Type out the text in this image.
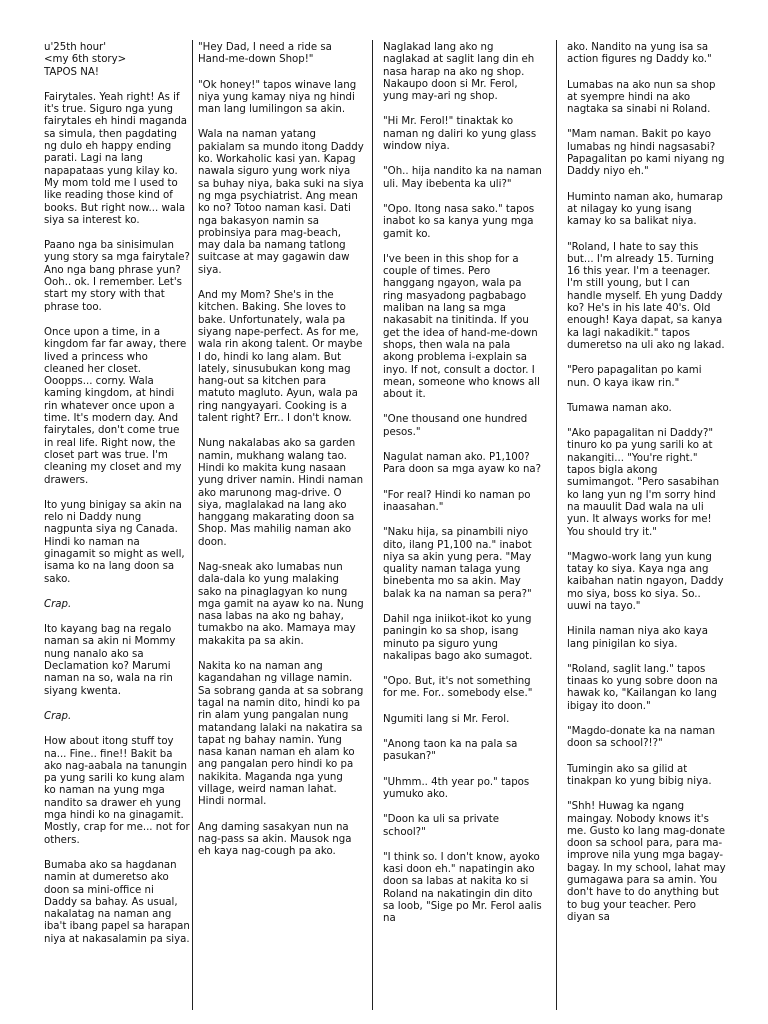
u'25th hour'
<my 6th story>
TAPOS NA!

Fairytales. Yeah right! As if it's true. Siguro nga yung fairytales eh hindi maganda sa simula, then pagdating ng dulo eh happy ending parati. Lagi na lang napapataas yung kilay ko. My mom told me I used to like reading those kind of books. But right now... wala siya sa interest ko.

Paano nga ba sinisimulan yung story sa mga fairytale? Ano nga bang phrase yun? Ooh.. ok. I remember. Let's start my story with that phrase too.

Once upon a time, in a kingdom far far away, there lived a princess who cleaned her closet. Ooopps... corny. Wala kaming kingdom, at hindi rin whatever once upon a time. It's modern day. And fairytales, don't come true in real life. Right now, the closet part was true. I'm cleaning my closet and my drawers.

Ito yung binigay sa akin na relo ni Daddy nung nagpunta siya ng Canada. Hindi ko naman na ginagamit so might as well, isama ko na lang doon sa sako.

Crap.

Ito kayang bag na regalo naman sa akin ni Mommy nung nanalo ako sa Declamation ko? Marumi naman na so, wala na rin siyang kwenta.

Crap.

How about itong stuff toy na... Fine.. fine!! Bakit ba ako nag-aabala na tanungin pa yung sarili ko kung alam ko naman na yung mga nandito sa drawer eh yung mga hindi ko na ginagamit. Mostly, crap for me... not for others.

Bumaba ako sa hagdanan namin at dumeretso ako doon sa mini-office ni Daddy sa bahay. As usual, nakalatag na naman ang iba't ibang papel sa harapan niya at nakasalamin pa siya.

"Hey Dad, I need a ride sa Hand-me-down Shop!"

"Ok honey!" tapos winave lang niya yung kamay niya ng hindi man lang lumilingon sa akin.

Wala na naman yatang pakialam sa mundo itong Daddy ko. Workaholic kasi yan. Kapag nawala siguro yung work niya sa buhay niya, baka suki na siya ng mga psychiatrist. Ang mean ko no? Totoo naman kasi. Dati nga bakasyon namin sa probinsiya para mag-beach, may dala ba namang tatlong suitcase at may gagawin daw siya.

And my Mom? She's in the kitchen. Baking. She loves to bake. Unfortunately, wala pa siyang nape-perfect. As for me, wala rin akong talent. Or maybe I do, hindi ko lang alam. But lately, sinusubukan kong mag hang-out sa kitchen para matuto magluto. Ayun, wala pa ring nangyayari. Cooking is a talent right? Err.. I don't know.

Nung nakalabas ako sa garden namin, mukhang walang tao. Hindi ko makita kung nasaan yung driver namin. Hindi naman ako marunong mag-drive. O siya, maglalakad na lang ako hanggang makarating doon sa Shop. Mas mahilig naman ako doon.

Nag-sneak ako lumabas nun dala-dala ko yung malaking sako na pinaglagyan ko nung mga gamit na ayaw ko na. Nung nasa labas na ako ng bahay, tumakbo na ako. Mamaya may makakita pa sa akin.

Nakita ko na naman ang kagandahan ng village namin. Sa sobrang ganda at sa sobrang tagal na namin dito, hindi ko pa rin alam yung pangalan nung matandang lalaki na nakatira sa tapat ng bahay namin. Yung nasa kanan naman eh alam ko ang pangalan pero hindi ko pa nakikita. Maganda nga yung village, weird naman lahat. Hindi normal.

Ang daming sasakyan nun na nag-pass sa akin. Mausok nga eh kaya nag-cough pa ako.

Naglakad lang ako ng naglakad at saglit lang din eh nasa harap na ako ng shop. Nakaupo doon si Mr. Ferol, yung may-ari ng shop.

"Hi Mr. Ferol!" tinaktak ko naman ng daliri ko yung glass window niya.

"Oh.. hija nandito ka na naman uli. May ibebenta ka uli?"

"Opo. Itong nasa sako." tapos inabot ko sa kanya yung mga gamit ko.

I've been in this shop for a couple of times. Pero hanggang ngayon, wala pa ring masyadong pagbabago maliban na lang sa mga nakasabit na tinitinda. If you get the idea of hand-me-down shops, then wala na pala akong problema i-explain sa inyo. If not, consult a doctor. I mean, someone who knows all about it.

"One thousand one hundred pesos."

Nagulat naman ako. P1,100? Para doon sa mga ayaw ko na?

"For real? Hindi ko naman po inaasahan."

"Naku hija, sa pinambili niyo dito, ilang P1,100 na." inabot niya sa akin yung pera. "May quality naman talaga yung binebenta mo sa akin. May balak ka na naman sa pera?"

Dahil nga iniikot-ikot ko yung paningin ko sa shop, isang minuto pa siguro yung nakalipas bago ako sumagot.

"Opo. But, it's not something for me. For.. somebody else."

Ngumiti lang si Mr. Ferol.

"Anong taon ka na pala sa pasukan?"

"Uhmm.. 4th year po." tapos yumuko ako.

"Doon ka uli sa private school?"

"I think so. I don't know, ayoko kasi doon eh." napatingin ako doon sa labas at nakita ko si Roland na nakatingin din dito sa loob, "Sige po Mr. Ferol aalis na

ako. Nandito na yung isa sa action figures ng Daddy ko."

Lumabas na ako nun sa shop at syempre hindi na ako nagtaka sa sinabi ni Roland.

"Mam naman. Bakit po kayo lumabas ng hindi nagsasabi? Papagalitan po kami niyang ng Daddy niyo eh."

Huminto naman ako, humarap at nilagay ko yung isang kamay ko sa balikat niya.

"Roland, I hate to say this but... I'm already 15. Turning 16 this year. I'm a teenager. I'm still young, but I can handle myself. Eh yung Daddy ko? He's in his late 40's. Old enough! Kaya dapat, sa kanya ka lagi nakadikit." tapos dumeretso na uli ako ng lakad.

"Pero papagalitan po kami nun. O kaya ikaw rin."

Tumawa naman ako.

"Ako papagalitan ni Daddy?" tinuro ko pa yung sarili ko at nakangiti... "You're right." tapos bigla akong sumimangot. "Pero sasabihan ko lang yun ng I'm sorry hind na mauulit Dad wala na uli yun. It always works for me! You should try it."

"Magwo-work lang yun kung tatay ko siya. Kaya nga ang kaibahan natin ngayon, Daddy mo siya, boss ko siya. So.. uuwi na tayo."

Hinila naman niya ako kaya lang pinigilan ko siya.

"Roland, saglit lang." tapos tinaas ko yung sobre doon na hawak ko, "Kailangan ko lang ibigay ito doon."

"Magdo-donate ka na naman doon sa school?!?"

Tumingin ako sa gilid at tinakpan ko yung bibig niya.

"Shh! Huwag ka ngang maingay. Nobody knows it's me. Gusto ko lang mag-donate doon sa school para, para ma-improve nila yung mga bagay-bagay. In my school, lahat may gumagawa para sa amin. You don't have to do anything but to bug your teacher. Pero diyan sa
